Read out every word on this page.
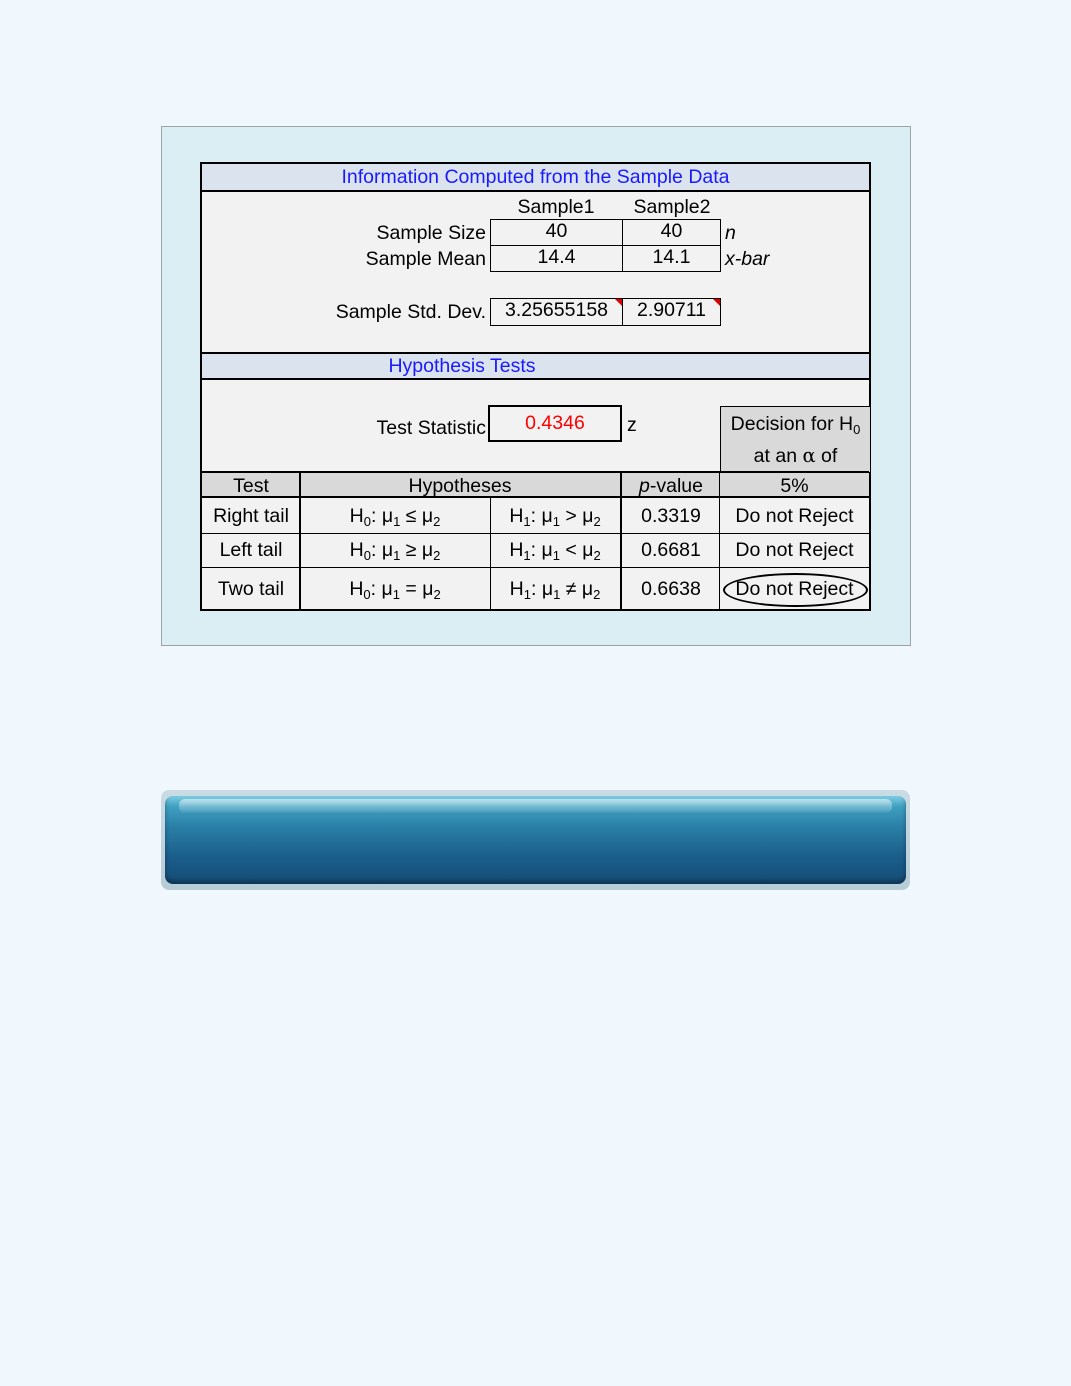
Information Computed from the Sample Data
Sample1	Sample2
Sample Size	40	40	n
Sample Mean	14.4	14.1	x-bar
Sample Std. Dev. 3.25655158	2.90711
Hypothesis Tests
Test Statistic	0.4346	z	Decision for $H_0$
at an α of
Test	Hypotheses	p-value	5%
Right tail	$H_0$: $\mu_1 \le \mu_2$	$H_1$: $\mu_1 > \mu_2$	0.3319	Do not Reject
Left tail	$H_0$: $\mu_1 \ge \mu_2$	$H_1$: $\mu_1 < \mu_2$	0.6681	Do not Reject
Two tail	$H_0$: $\mu_1 = \mu_2$	$H_1$: $\mu_1 \ne \mu_2$	0.6638	Do not Reject
